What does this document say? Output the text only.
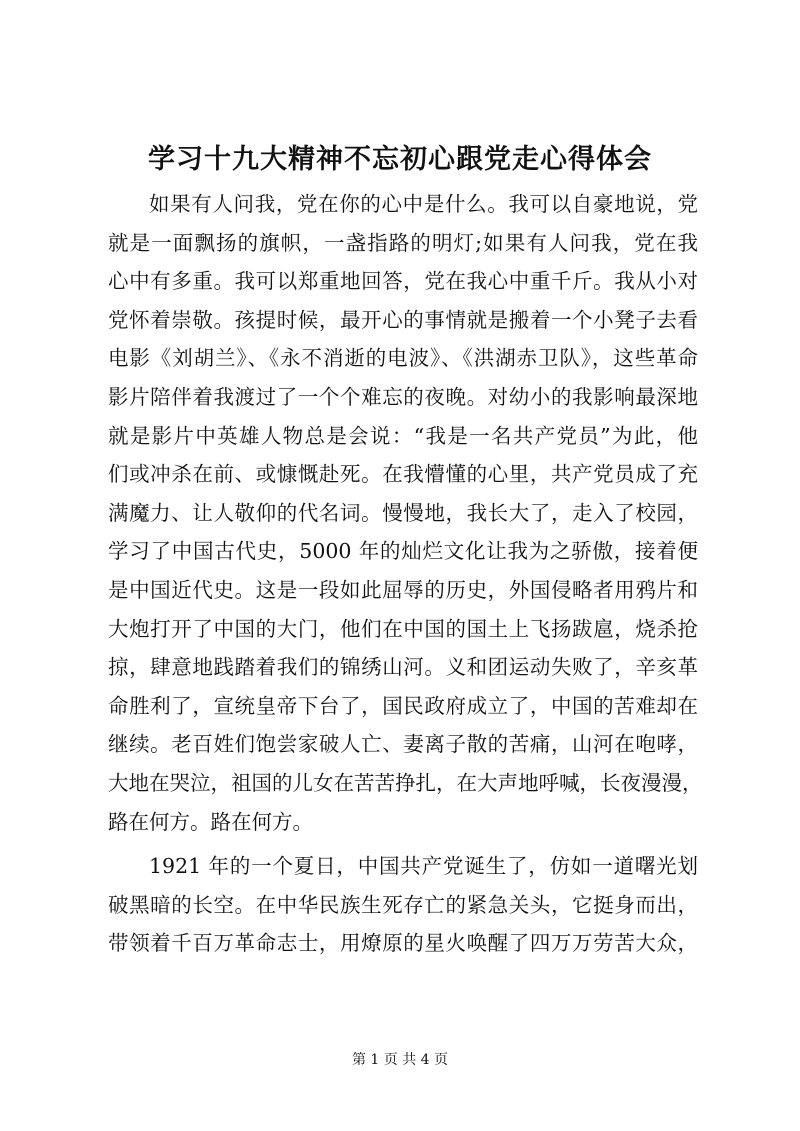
学习十九大精神不忘初心跟党走心得体会
如果有人问我，党在你的心中是什么。我可以自豪地说，党
就是一面飘扬的旗帜，一盏指路的明灯;如果有人问我，党在我
心中有多重。我可以郑重地回答，党在我心中重千斤。我从小对
党怀着崇敬。孩提时候，最开心的事情就是搬着一个小凳子去看
电影《刘胡兰》、《永不消逝的电波》、《洪湖赤卫队》，这些革命
影片陪伴着我渡过了一个个难忘的夜晚。对幼小的我影响最深地
就是影片中英雄人物总是会说：“我是一名共产党员”为此，他
们或冲杀在前、或慷慨赴死。在我懵懂的心里，共产党员成了充
满魔力、让人敬仰的代名词。慢慢地，我长大了，走入了校园，
学习了中国古代史，5000 年的灿烂文化让我为之骄傲，接着便
是中国近代史。这是一段如此屈辱的历史，外国侵略者用鸦片和
大炮打开了中国的大门，他们在中国的国土上飞扬跋扈，烧杀抢
掠，肆意地践踏着我们的锦绣山河。义和团运动失败了，辛亥革
命胜利了，宣统皇帝下台了，国民政府成立了，中国的苦难却在
继续。老百姓们饱尝家破人亡、妻离子散的苦痛，山河在咆哮，
大地在哭泣，祖国的儿女在苦苦挣扎，在大声地呼喊，长夜漫漫，
路在何方。路在何方。
1921 年的一个夏日，中国共产党诞生了，仿如一道曙光划
破黑暗的长空。在中华民族生死存亡的紧急关头，它挺身而出，
带领着千百万革命志士，用燎原的星火唤醒了四万万劳苦大众，
第 1 页 共 4 页
